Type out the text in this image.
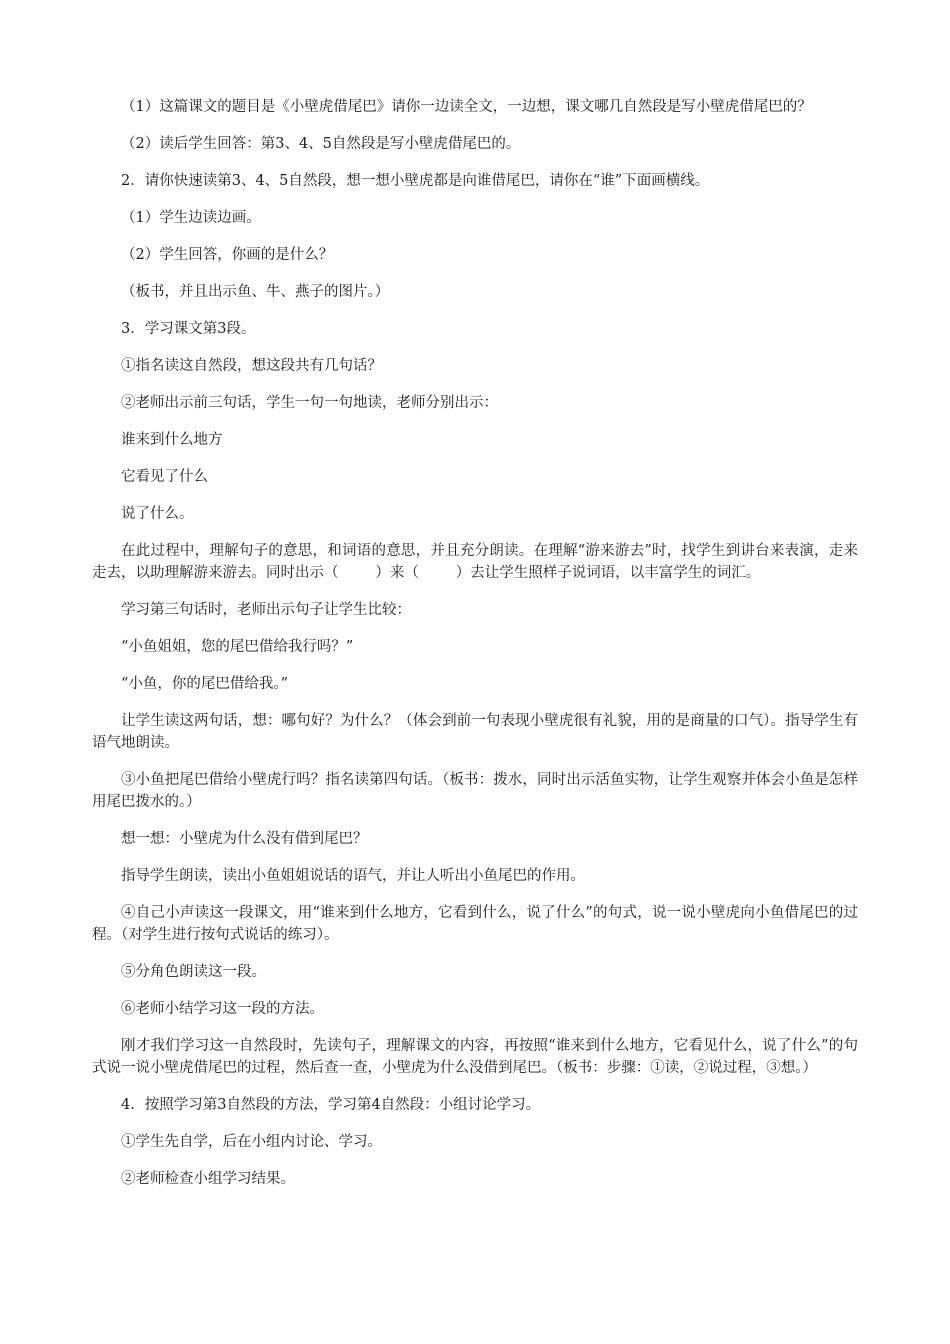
（1）这篇课文的题目是《小壁虎借尾巴》请你一边读全文，一边想，课文哪几自然段是写小壁虎借尾巴的？

（2）读后学生回答：第3、4、5自然段是写小壁虎借尾巴的。

2．请你快速读第3、4、5自然段，想一想小壁虎都是向谁借尾巴，请你在“谁”下面画横线。

（1）学生边读边画。

（2）学生回答，你画的是什么？

（板书，并且出示鱼、牛、燕子的图片。）

3．学习课文第3段。

①指名读这自然段，想这段共有几句话？

②老师出示前三句话，学生一句一句地读，老师分别出示：

谁来到什么地方

它看见了什么

说了什么。

在此过程中，理解句子的意思，和词语的意思，并且充分朗读。在理解“游来游去”时，找学生到讲台来表演，走来走去，以助理解游来游去。同时出示（        ）来（        ）去让学生照样子说词语，以丰富学生的词汇。

学习第三句话时，老师出示句子让学生比较：

“小鱼姐姐，您的尾巴借给我行吗？”

“小鱼，你的尾巴借给我。”

让学生读这两句话，想：哪句好？为什么？（体会到前一句表现小壁虎很有礼貌，用的是商量的口气）。指导学生有语气地朗读。

③小鱼把尾巴借给小壁虎行吗？指名读第四句话。（板书：拨水，同时出示活鱼实物，让学生观察并体会小鱼是怎样用尾巴拨水的。）

想一想：小壁虎为什么没有借到尾巴？

指导学生朗读，读出小鱼姐姐说话的语气，并让人听出小鱼尾巴的作用。

④自己小声读这一段课文，用“谁来到什么地方，它看到什么，说了什么”的句式，说一说小壁虎向小鱼借尾巴的过程。（对学生进行按句式说话的练习）。

⑤分角色朗读这一段。

⑥老师小结学习这一段的方法。

刚才我们学习这一自然段时，先读句子，理解课文的内容，再按照“谁来到什么地方，它看见什么，说了什么”的句式说一说小壁虎借尾巴的过程，然后查一查，小壁虎为什么没借到尾巴。（板书：步骤：①读，②说过程，③想。）

4．按照学习第3自然段的方法，学习第4自然段：小组讨论学习。

①学生先自学，后在小组内讨论、学习。

②老师检查小组学习结果。
